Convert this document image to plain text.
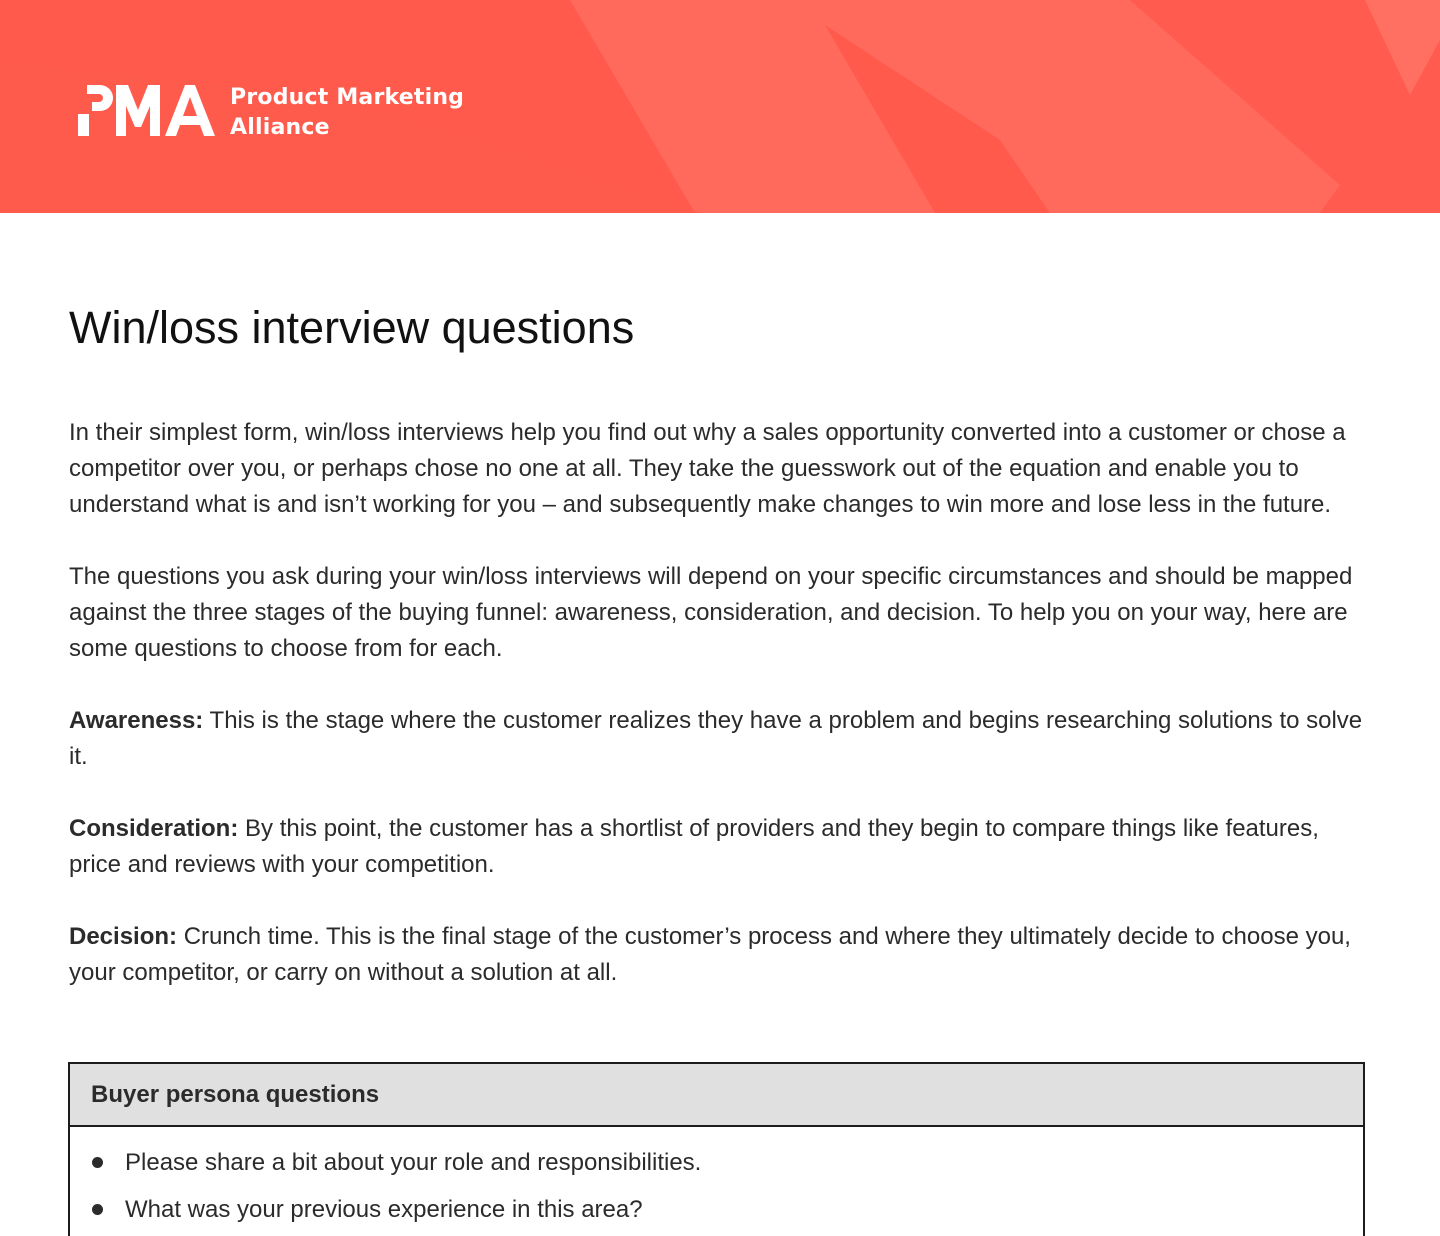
Product Marketing
Alliance
Win/loss interview questions

In their simplest form, win/loss interviews help you find out why a sales opportunity converted into a customer or chose a competitor over you, or perhaps chose no one at all. They take the guesswork out of the equation and enable you to understand what is and isn’t working for you – and subsequently make changes to win more and lose less in the future.

The questions you ask during your win/loss interviews will depend on your specific circumstances and should be mapped against the three stages of the buying funnel: awareness, consideration, and decision. To help you on your way, here are some questions to choose from for each.

Awareness: This is the stage where the customer realizes they have a problem and begins researching solutions to solve it.

Consideration: By this point, the customer has a shortlist of providers and they begin to compare things like features, price and reviews with your competition.

Decision: Crunch time. This is the final stage of the customer’s process and where they ultimately decide to choose you, your competitor, or carry on without a solution at all.

Buyer persona questions
Please share a bit about your role and responsibilities.
What was your previous experience in this area?
